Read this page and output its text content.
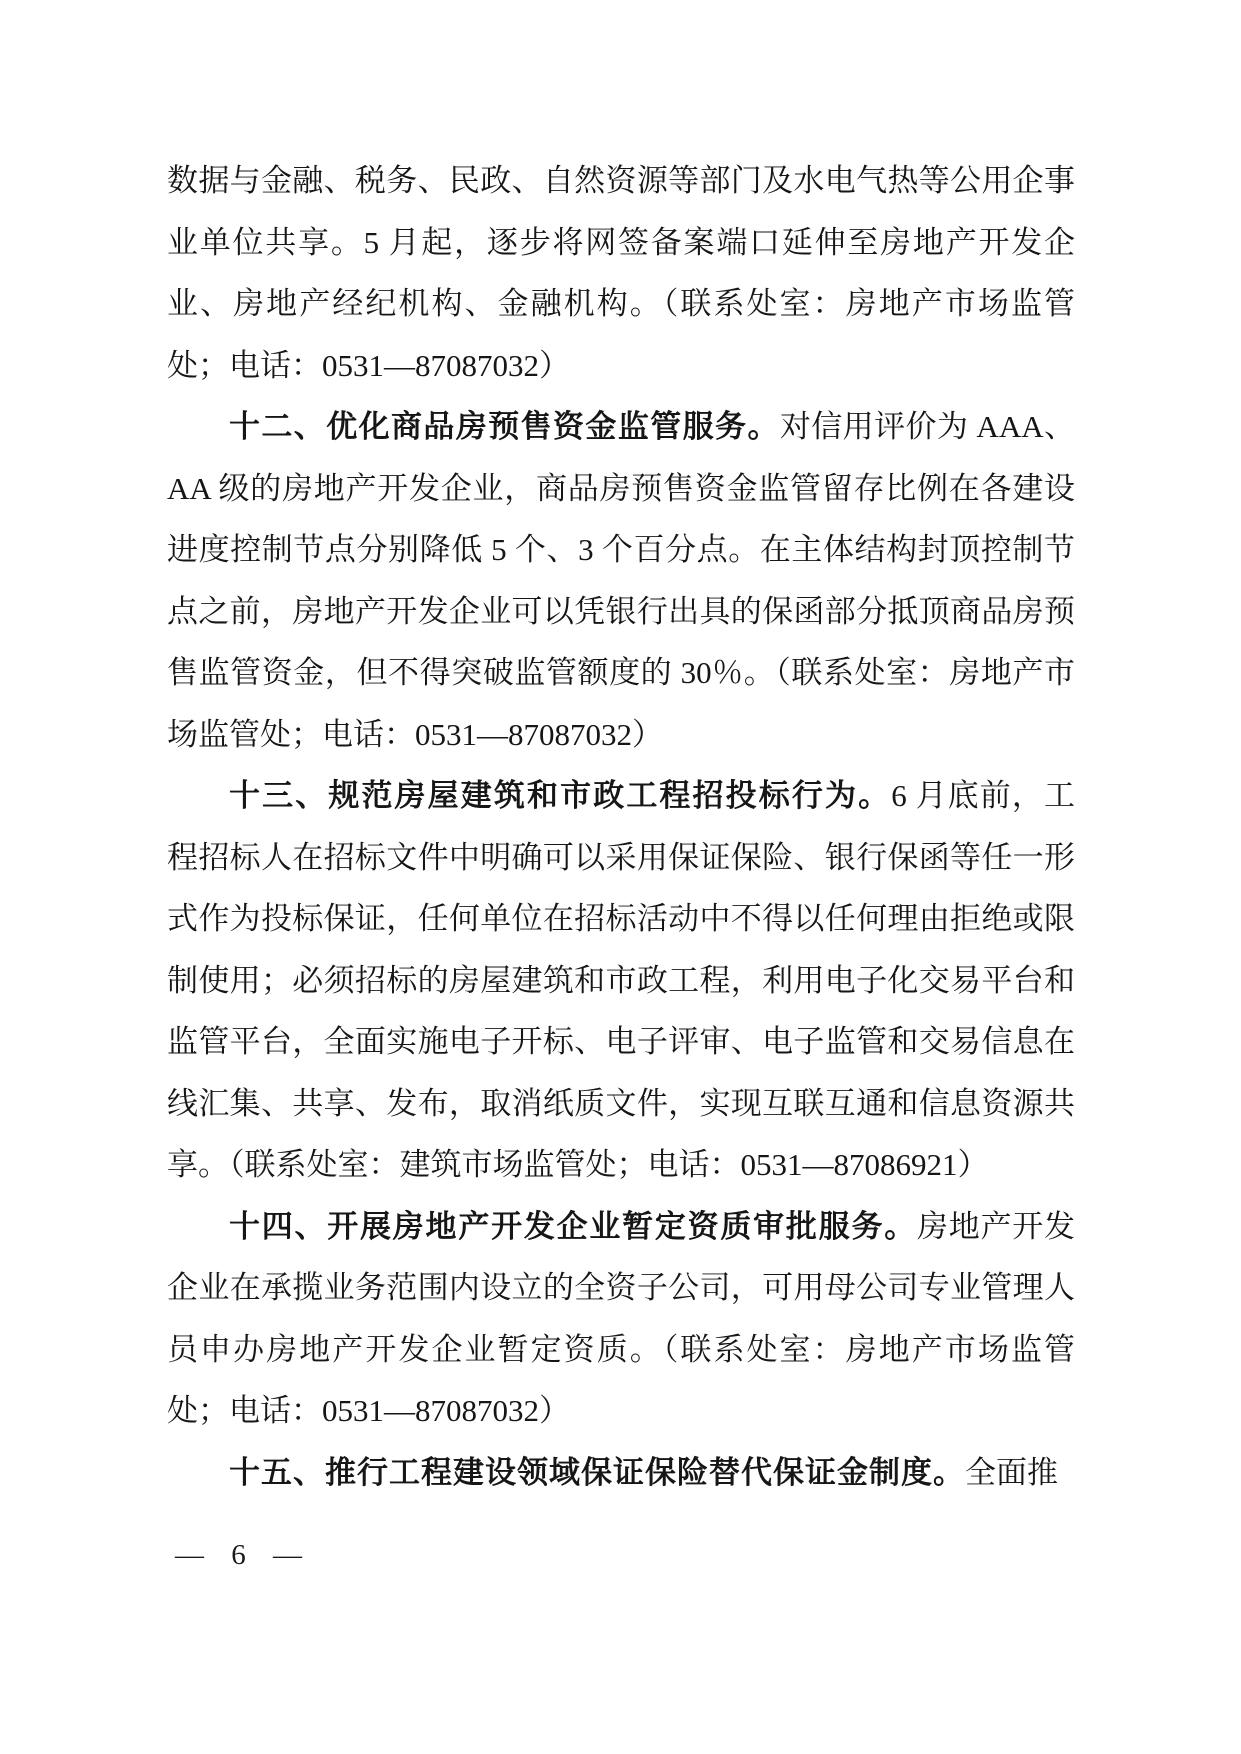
数据与金融、税务、民政、自然资源等部门及水电气热等公用企事业单位共享。5 月起，逐步将网签备案端口延伸至房地产开发企业、房地产经纪机构、金融机构。（联系处室：房地产市场监管处；电话：0531—87087032）

十二、优化商品房预售资金监管服务。对信用评价为 AAA、AA 级的房地产开发企业，商品房预售资金监管留存比例在各建设进度控制节点分别降低 5 个、3 个百分点。在主体结构封顶控制节点之前，房地产开发企业可以凭银行出具的保函部分抵顶商品房预售监管资金，但不得突破监管额度的 30％。（联系处室：房地产市场监管处；电话：0531—87087032）

十三、规范房屋建筑和市政工程招投标行为。6 月底前，工程招标人在招标文件中明确可以采用保证保险、银行保函等任一形式作为投标保证，任何单位在招标活动中不得以任何理由拒绝或限制使用；必须招标的房屋建筑和市政工程，利用电子化交易平台和监管平台，全面实施电子开标、电子评审、电子监管和交易信息在线汇集、共享、发布，取消纸质文件，实现互联互通和信息资源共享。（联系处室：建筑市场监管处；电话：0531—87086921）

十四、开展房地产开发企业暂定资质审批服务。房地产开发企业在承揽业务范围内设立的全资子公司，可用母公司专业管理人员申办房地产开发企业暂定资质。（联系处室：房地产市场监管处；电话：0531—87087032）

十五、推行工程建设领域保证保险替代保证金制度。全面推

— 6 —
